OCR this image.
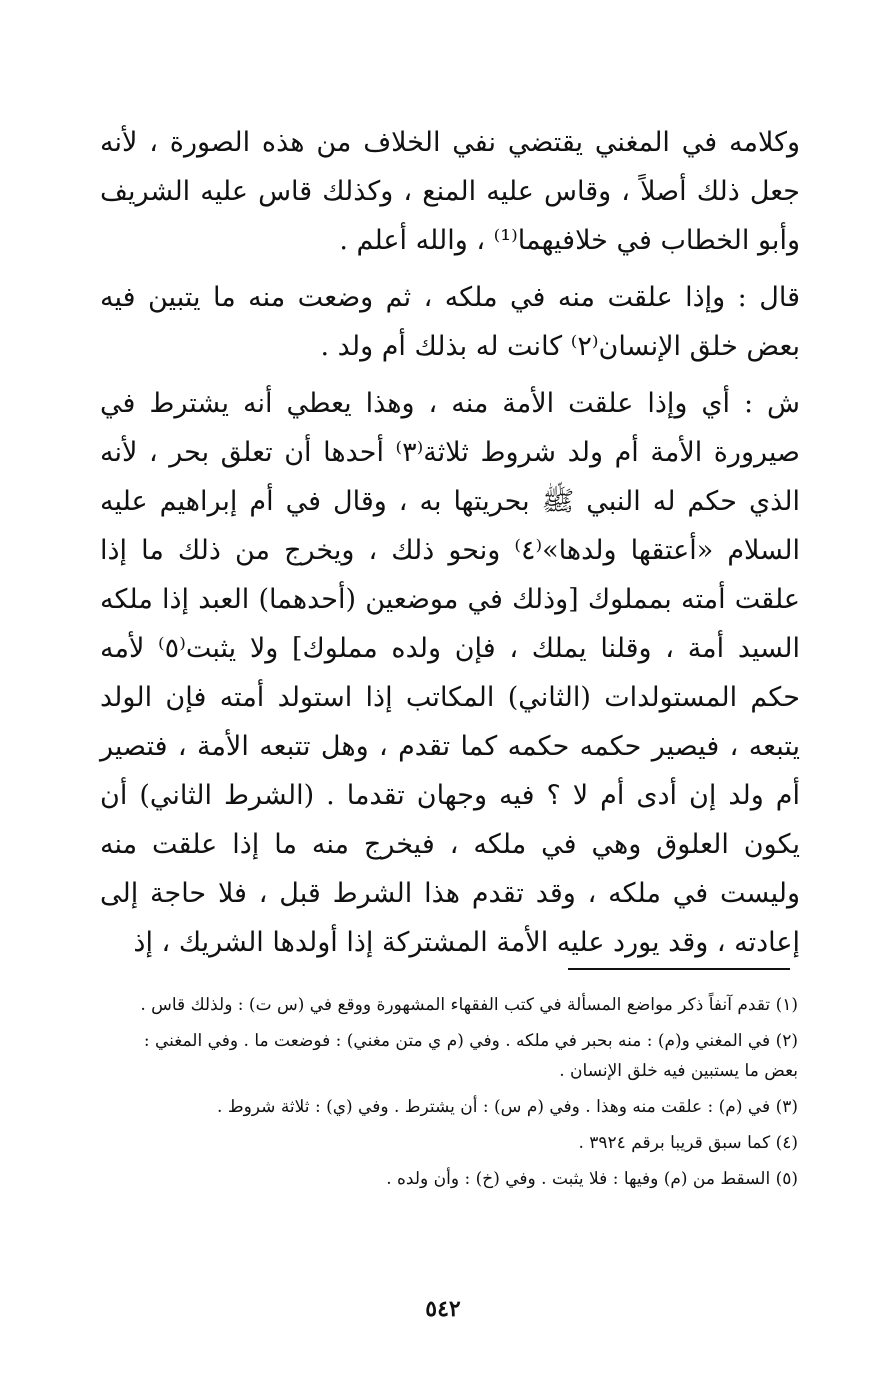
وكلامه في المغني يقتضي نفي الخلاف من هذه الصورة ، لأنه جعل ذلك أصلاً ، وقاس عليه المنع ، وكذلك قاس عليه الشريف وأبو الخطاب في خلافيهما⁽¹⁾ ، والله أعلم .

قال : وإذا علقت منه في ملكه ، ثم وضعت منه ما يتبين فيه بعض خلق الإنسان⁽٢⁾ كانت له بذلك أم ولد .

ش : أي وإذا علقت الأمة منه ، وهذا يعطي أنه يشترط في صيرورة الأمة أم ولد شروط ثلاثة⁽٣⁾ أحدها أن تعلق بحر ، لأنه الذي حكم له النبي ﷺ بحريتها به ، وقال في أم إبراهيم عليه السلام «أعتقها ولدها»⁽٤⁾ ونحو ذلك ، ويخرج من ذلك ما إذا علقت أمته بمملوك [وذلك في موضعين (أحدهما) العبد إذا ملكه السيد أمة ، وقلنا يملك ، فإن ولده مملوك] ولا يثبت⁽٥⁾ لأمه حكم المستولدات (الثاني) المكاتب إذا استولد أمته فإن الولد يتبعه ، فيصير حكمه حكمه كما تقدم ، وهل تتبعه الأمة ، فتصير أم ولد إن أدى أم لا ؟ فيه وجهان تقدما . (الشرط الثاني) أن يكون العلوق وهي في ملكه ، فيخرج منه ما إذا علقت منه وليست في ملكه ، وقد تقدم هذا الشرط قبل ، فلا حاجة إلى إعادته ، وقد يورد عليه الأمة المشتركة إذا أولدها الشريك ، إذ

(١) تقدم آنفاً ذكر مواضع المسألة في كتب الفقهاء المشهورة ووقع في (س ت) : ولذلك قاس .

(٢) في المغني و(م) : منه بحبر في ملكه . وفي (م ي متن مغني) : فوضعت ما . وفي المغني :
بعض ما يستبين فيه خلق الإنسان .

(٣) في (م) : علقت منه وهذا . وفي (م س) : أن يشترط . وفي (ي) : ثلاثة شروط .

(٤) كما سبق قريبا برقم ٣٩٢٤ .

(٥) السقط من (م) وفيها : فلا يثبت . وفي (خ) : وأن ولده .

٥٤٢
